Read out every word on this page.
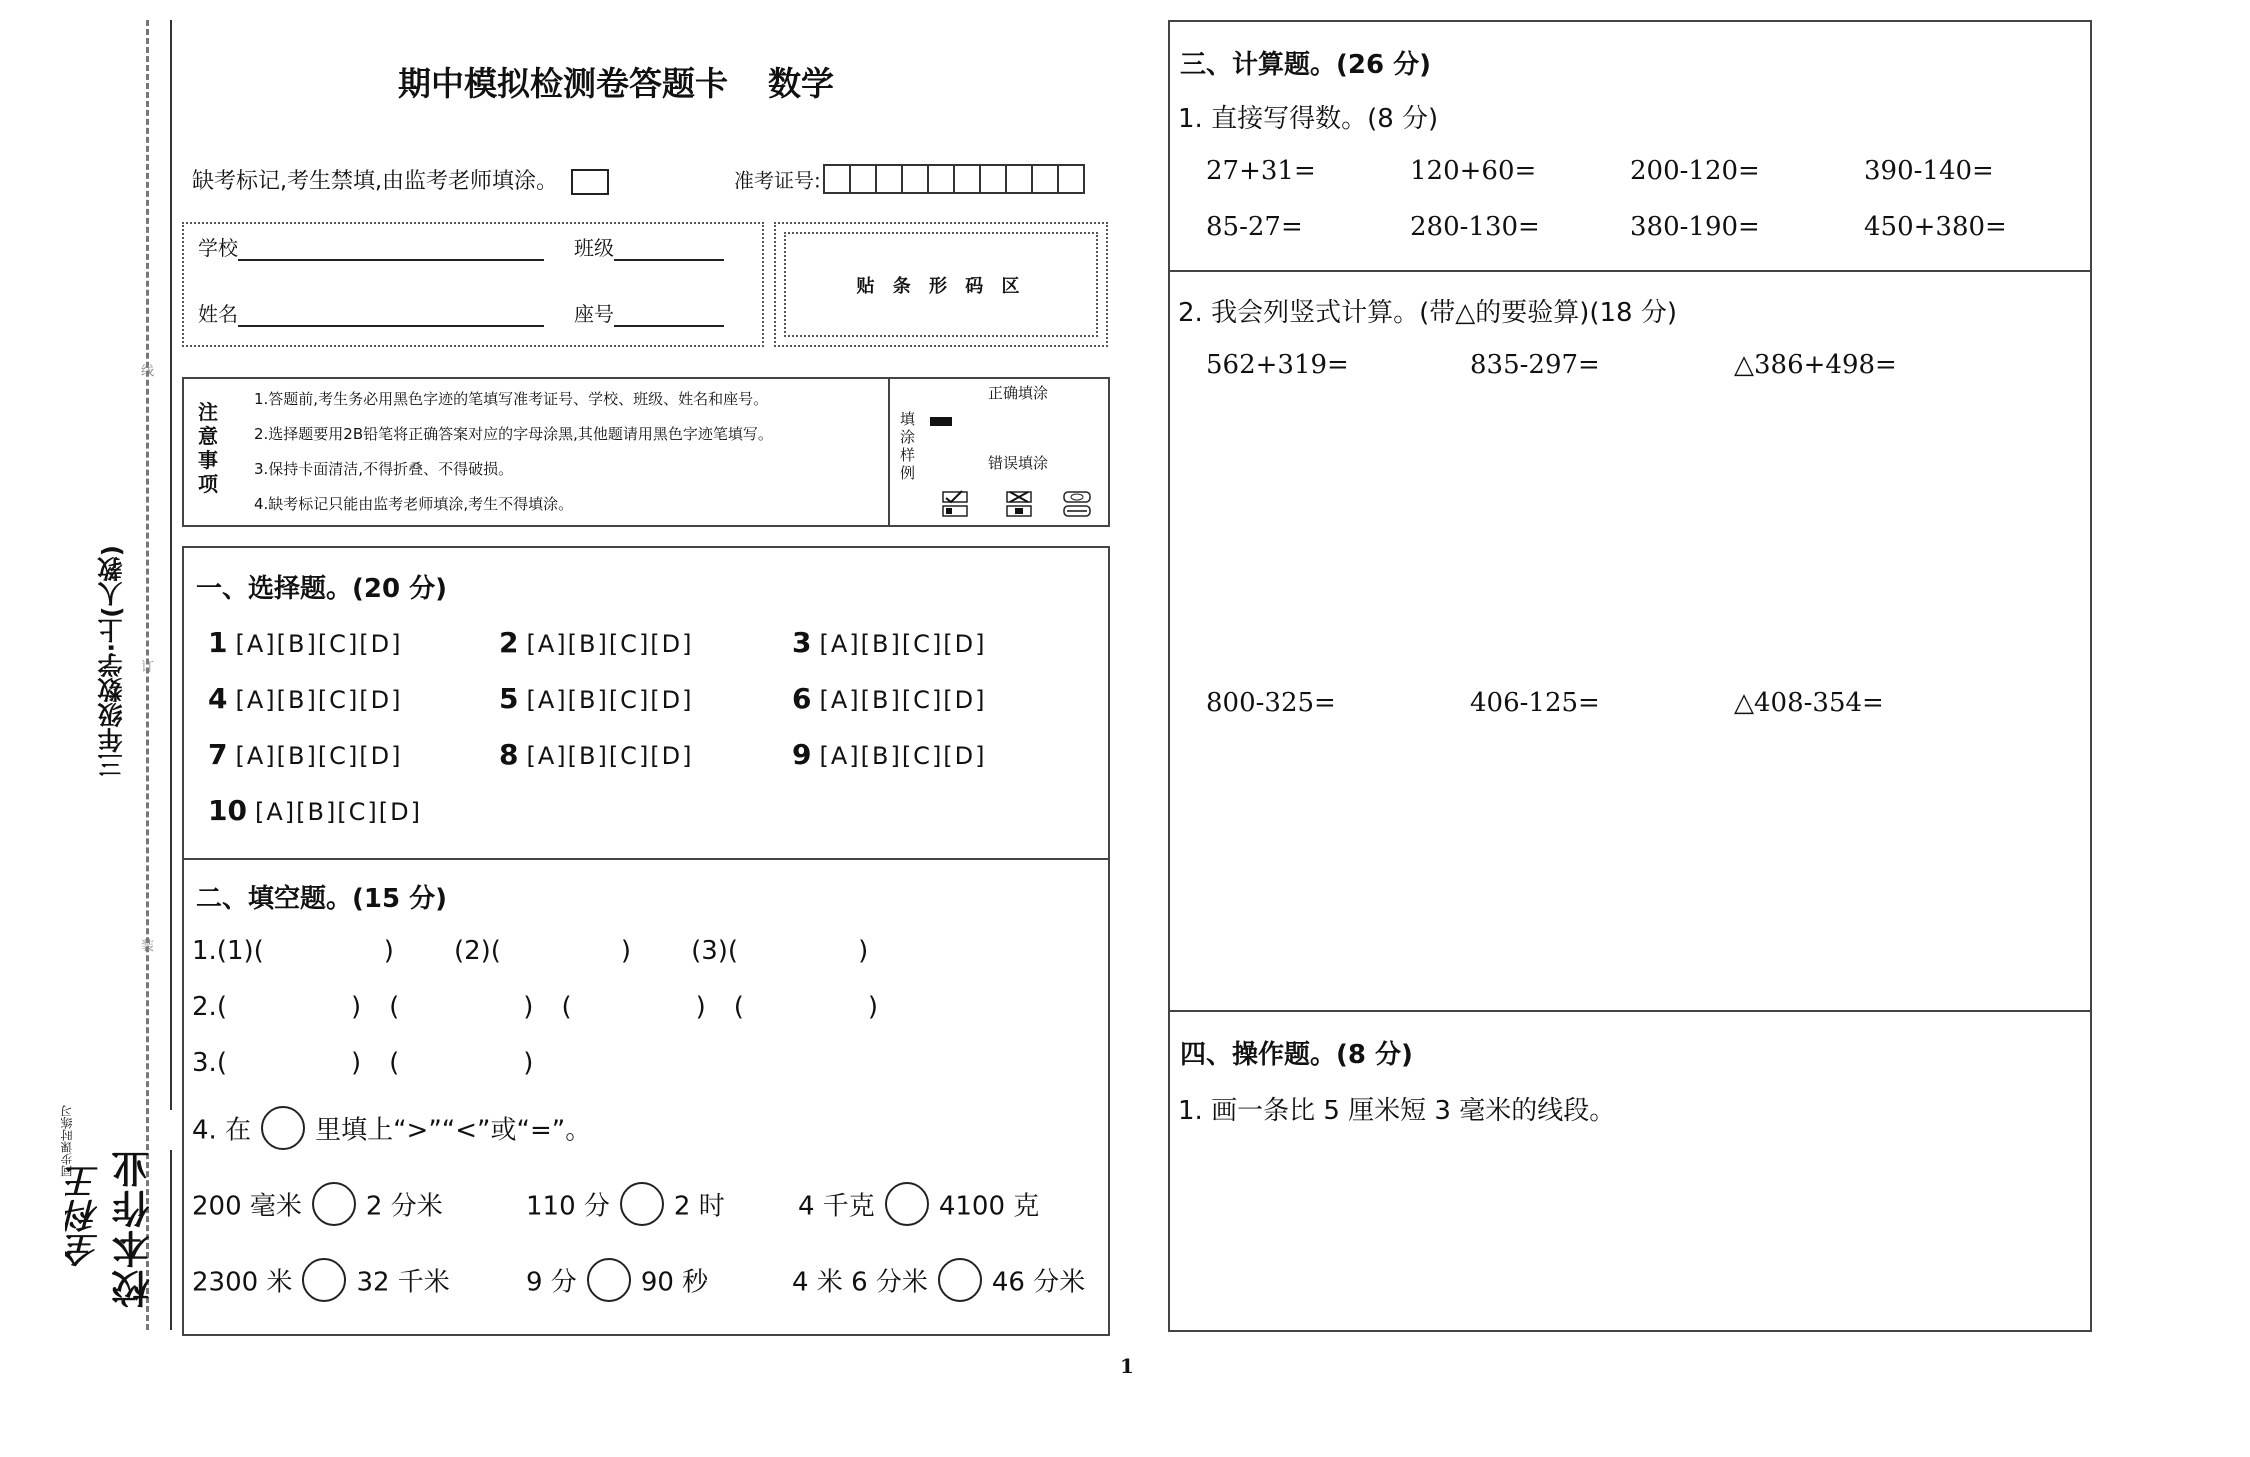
三年级数学·上(人教)
线
订
装
全科王
同步课时练习
校本作业
期中模拟检测卷答题卡 数学
缺考标记,考生禁填,由监考老师填涂。	准考证号:
学校	班级
姓名	座号
贴 条 形 码 区
注意事项
1.答题前,考生务必用黑色字迹的笔填写准考证号、学校、班级、姓名和座号。
2.选择题要用2B铅笔将正确答案对应的字母涂黑,其他题请用黑色字迹笔填写。
3.保持卡面清洁,不得折叠、不得破损。
4.缺考标记只能由监考老师填涂,考生不得填涂。
填涂样例
正确填涂
错误填涂
一、选择题。(20 分)
1 [A][B][C][D]	2 [A][B][C][D]	3 [A][B][C][D]
4 [A][B][C][D]	5 [A][B][C][D]	6 [A][B][C][D]
7 [A][B][C][D]	8 [A][B][C][D]	9 [A][B][C][D]
10 [A][B][C][D]
二、填空题。(15 分)
1.(1)(	) (2)(	) (3)(	)
2.(	) (	) (	) (	)
3.(	) (	)
4. 在 里填上“>”“<”或“=”。
200 毫米 2 分米	110 分 2 时	4 千克 4100 克
2300 米 32 千米	9 分 90 秒	4 米 6 分米 46 分米
三、计算题。(26 分)
1. 直接写得数。(8 分)
27+31=	120+60=	200-120=	390-140=
85-27=	280-130=	380-190=	450+380=
2. 我会列竖式计算。(带△的要验算)(18 分)
562+319=	835-297=	△386+498=
800-325=	406-125=	△408-354=
四、操作题。(8 分)
1. 画一条比 5 厘米短 3 毫米的线段。
1
